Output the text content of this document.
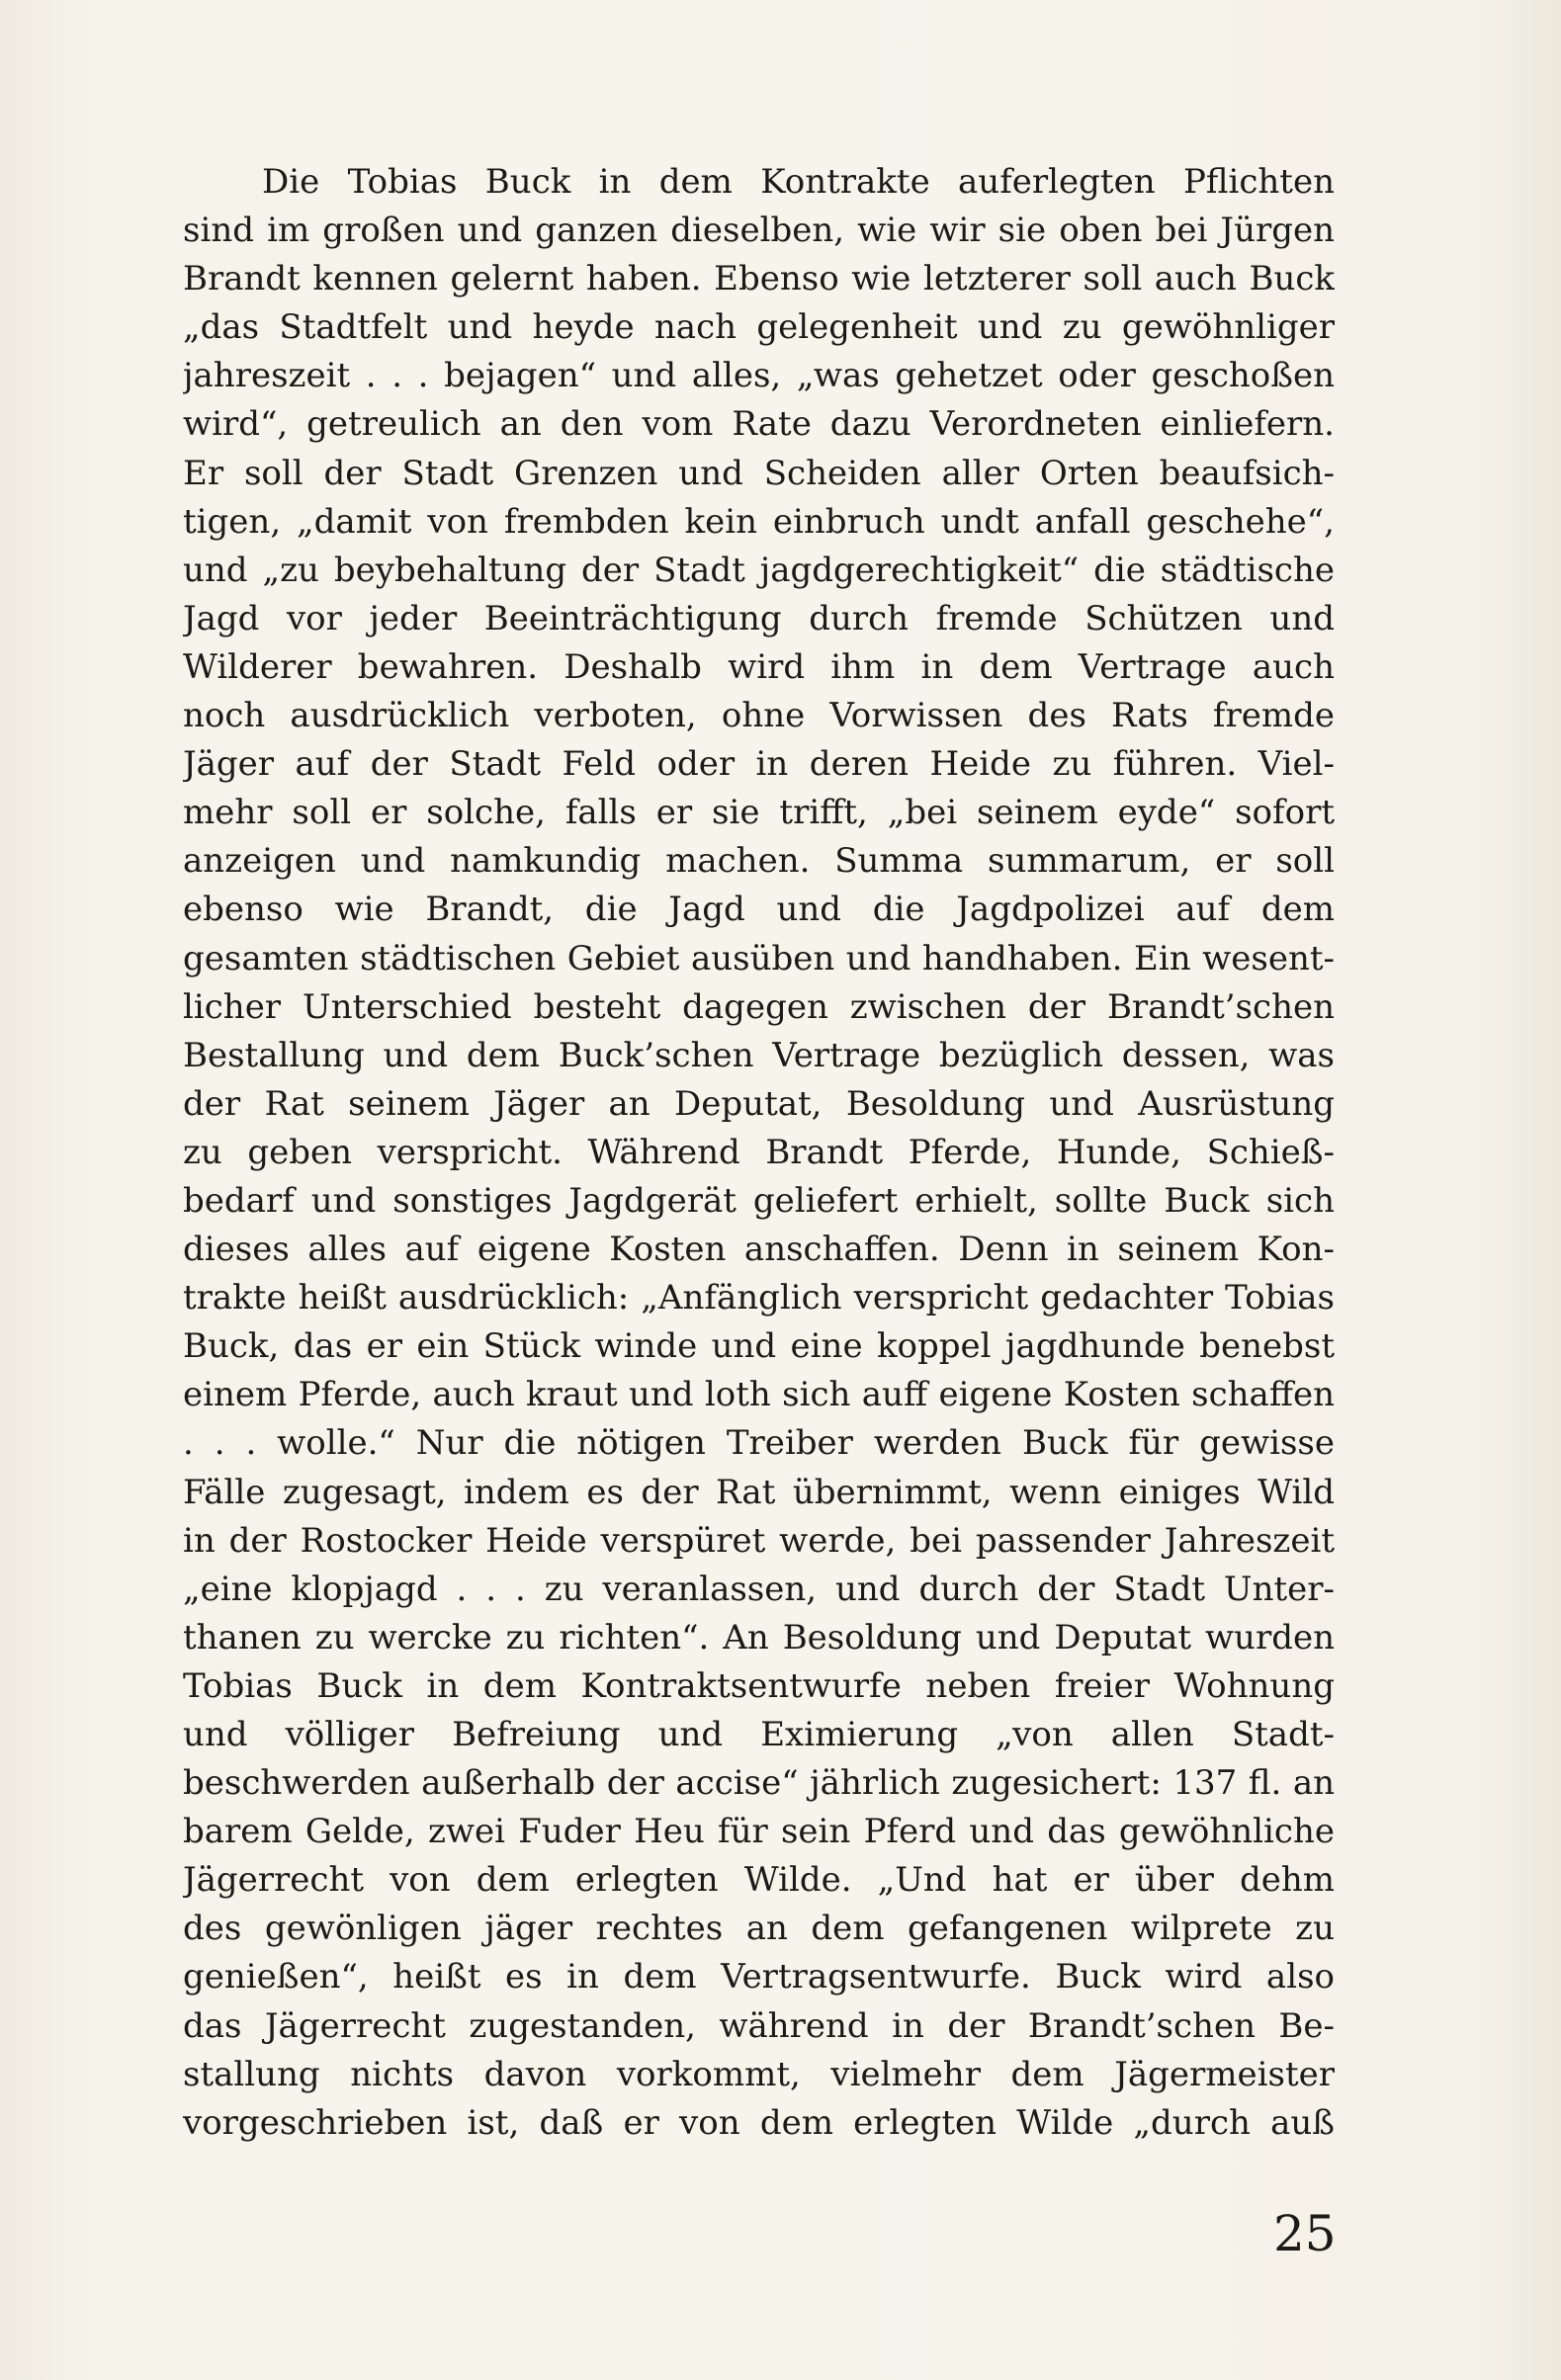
Die Tobias Buck in dem Kontrakte auferlegten Pflichten
sind im großen und ganzen dieselben, wie wir sie oben bei Jürgen
Brandt kennen gelernt haben. Ebenso wie letzterer soll auch Buck
„das Stadtfelt und heyde nach gelegenheit und zu gewöhnliger
jahreszeit . . . bejagen“ und alles, „was gehetzet oder geschoßen
wird“, getreulich an den vom Rate dazu Verordneten einliefern.
Er soll der Stadt Grenzen und Scheiden aller Orten beaufsich-
tigen, „damit von frembden kein einbruch undt anfall geschehe“,
und „zu beybehaltung der Stadt jagdgerechtigkeit“ die städtische
Jagd vor jeder Beeinträchtigung durch fremde Schützen und
Wilderer bewahren. Deshalb wird ihm in dem Vertrage auch
noch ausdrücklich verboten, ohne Vorwissen des Rats fremde
Jäger auf der Stadt Feld oder in deren Heide zu führen. Viel-
mehr soll er solche, falls er sie trifft, „bei seinem eyde“ sofort
anzeigen und namkundig machen. Summa summarum, er soll
ebenso wie Brandt, die Jagd und die Jagdpolizei auf dem
gesamten städtischen Gebiet ausüben und handhaben. Ein wesent-
licher Unterschied besteht dagegen zwischen der Brandt’schen
Bestallung und dem Buck’schen Vertrage bezüglich dessen, was
der Rat seinem Jäger an Deputat, Besoldung und Ausrüstung
zu geben verspricht. Während Brandt Pferde, Hunde, Schieß-
bedarf und sonstiges Jagdgerät geliefert erhielt, sollte Buck sich
dieses alles auf eigene Kosten anschaffen. Denn in seinem Kon-
trakte heißt ausdrücklich: „Anfänglich verspricht gedachter Tobias
Buck, das er ein Stück winde und eine koppel jagdhunde benebst
einem Pferde, auch kraut und loth sich auff eigene Kosten schaffen
. . . wolle.“ Nur die nötigen Treiber werden Buck für gewisse
Fälle zugesagt, indem es der Rat übernimmt, wenn einiges Wild
in der Rostocker Heide verspüret werde, bei passender Jahreszeit
„eine klopjagd . . . zu veranlassen, und durch der Stadt Unter-
thanen zu wercke zu richten“. An Besoldung und Deputat wurden
Tobias Buck in dem Kontraktsentwurfe neben freier Wohnung
und völliger Befreiung und Eximierung „von allen Stadt-
beschwerden außerhalb der accise“ jährlich zugesichert: 137 fl. an
barem Gelde, zwei Fuder Heu für sein Pferd und das gewöhnliche
Jägerrecht von dem erlegten Wilde. „Und hat er über dehm
des gewönligen jäger rechtes an dem gefangenen wilprete zu
genießen“, heißt es in dem Vertragsentwurfe. Buck wird also
das Jägerrecht zugestanden, während in der Brandt’schen Be-
stallung nichts davon vorkommt, vielmehr dem Jägermeister
vorgeschrieben ist, daß er von dem erlegten Wilde „durch auß
25
